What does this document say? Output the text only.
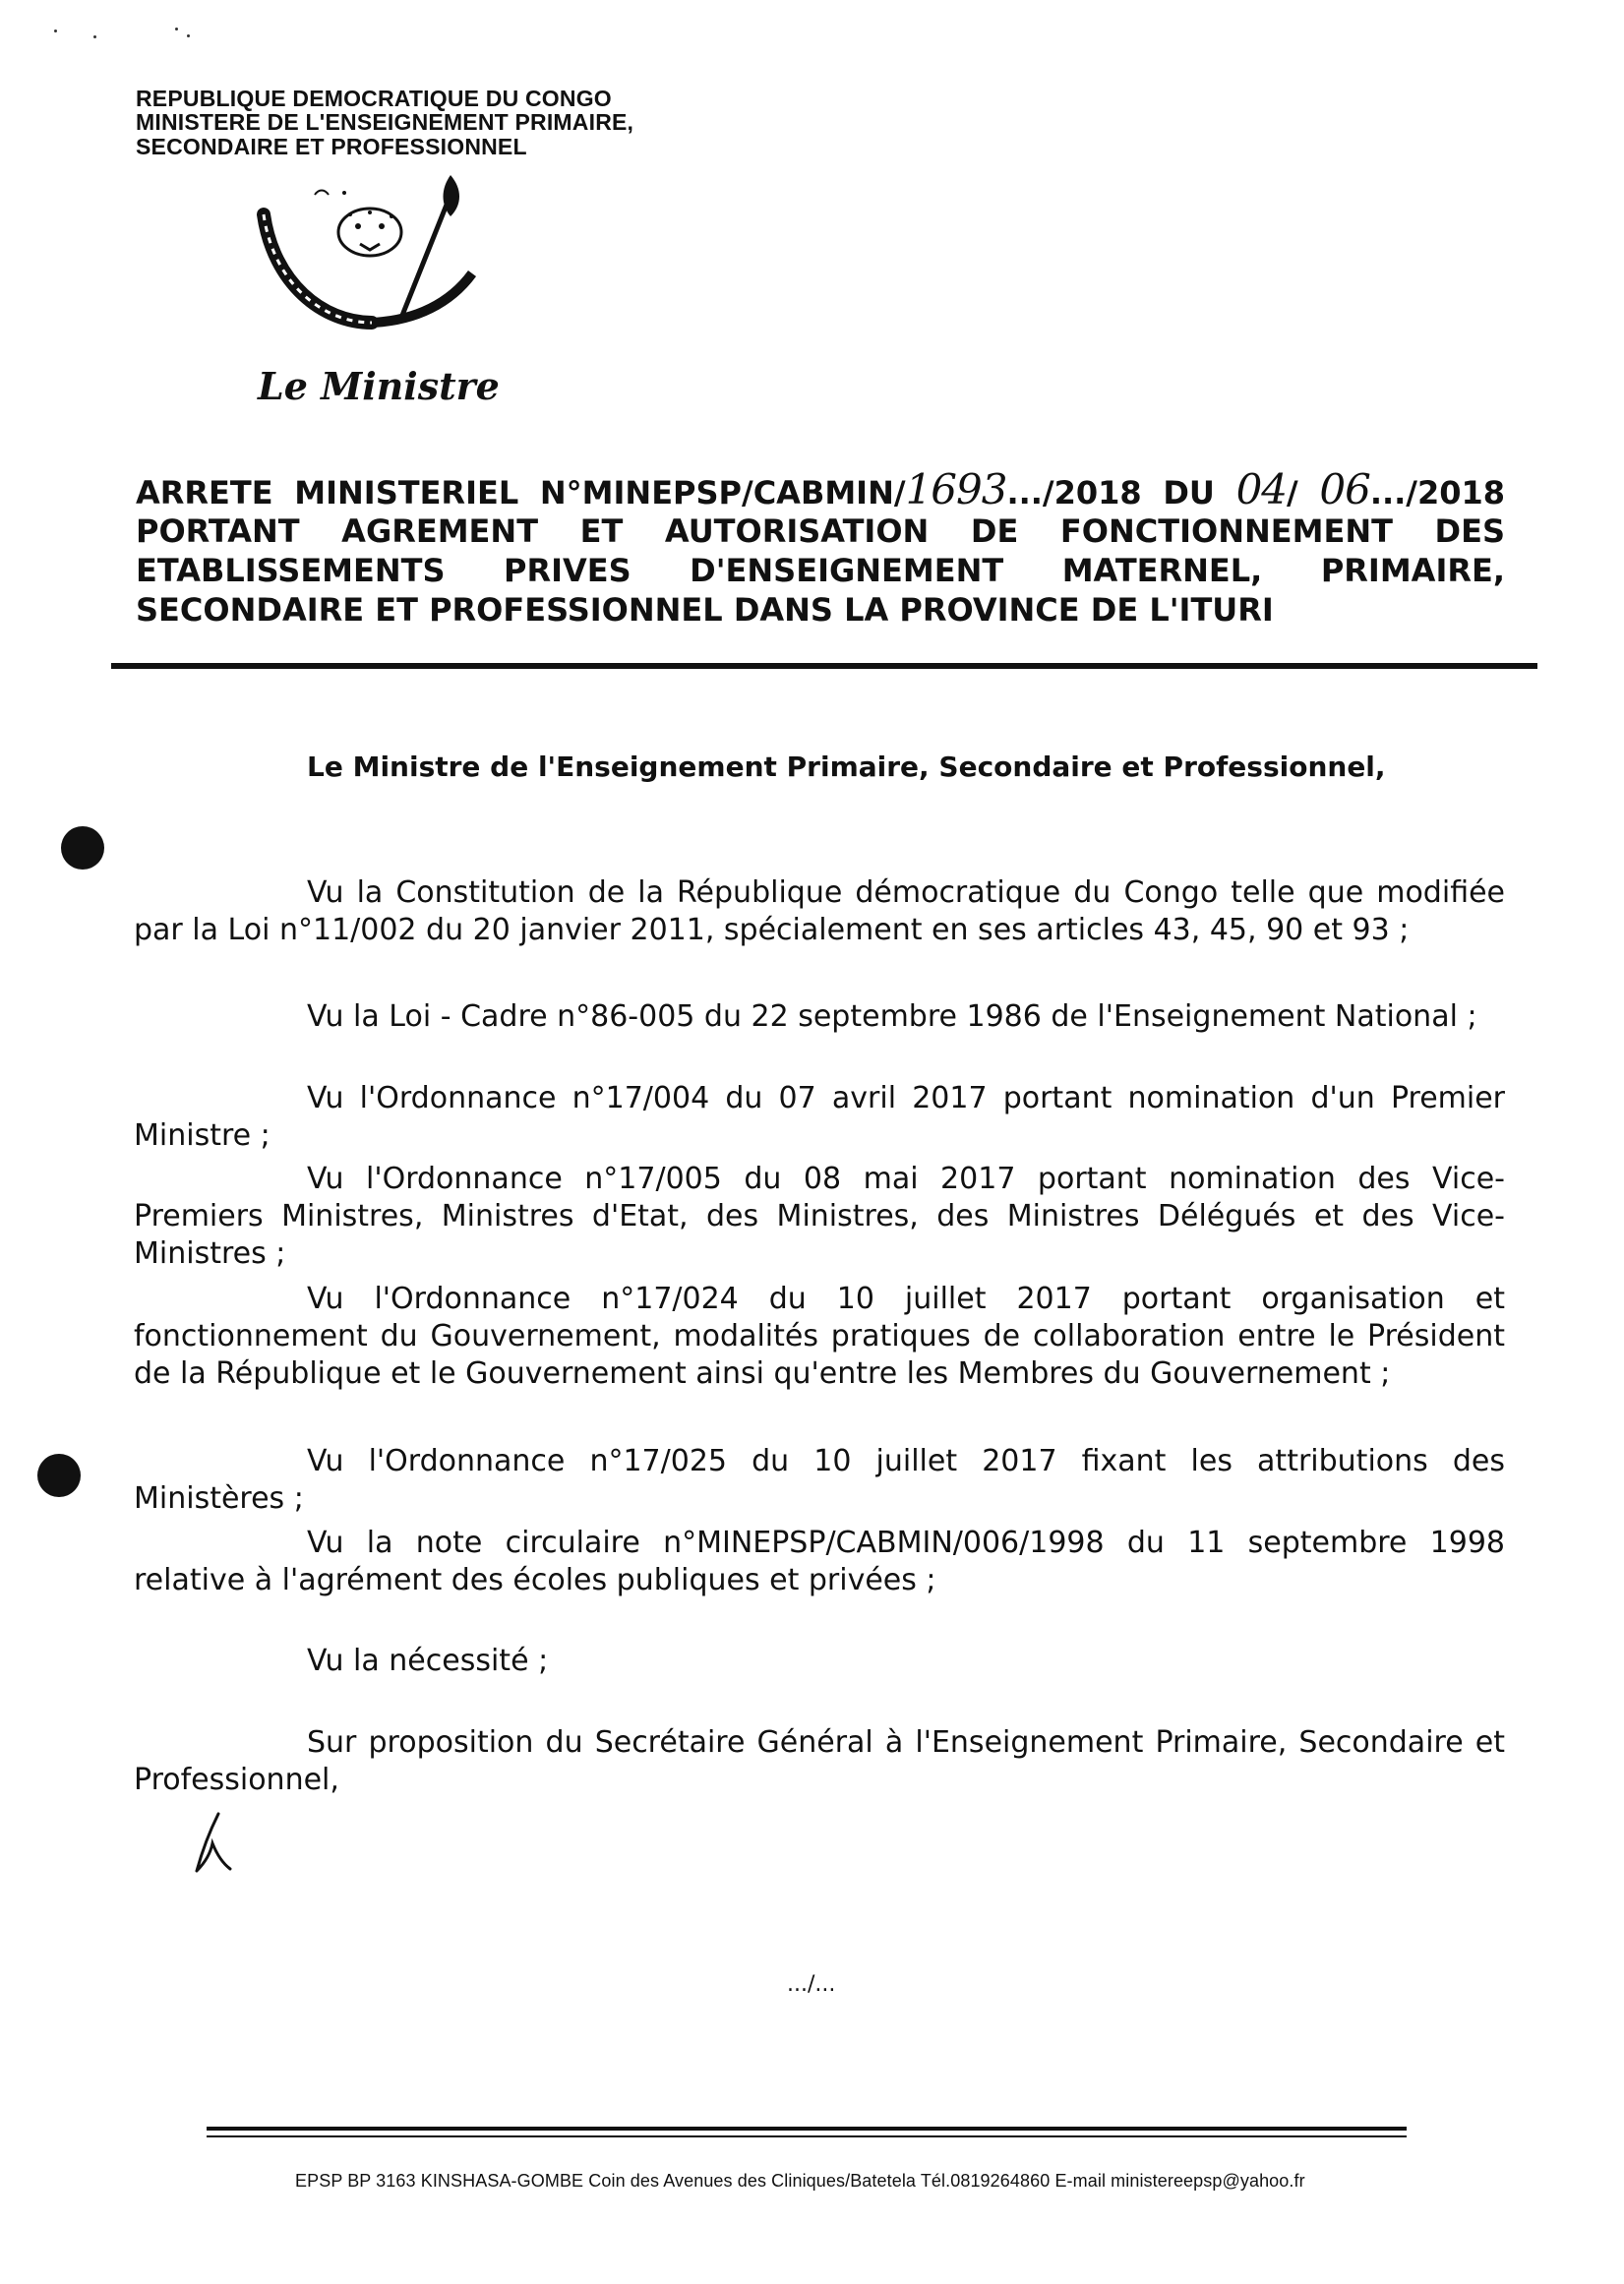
REPUBLIQUE DEMOCRATIQUE DU CONGO
MINISTERE DE L'ENSEIGNEMENT PRIMAIRE,
SECONDAIRE ET PROFESSIONNEL
Le Ministre
ARRETE MINISTERIEL N°MINEPSP/CABMIN/1693.../2018 DU 04/ 06.../2018
PORTANT AGREMENT ET AUTORISATION DE FONCTIONNEMENT DES
ETABLISSEMENTS PRIVES D'ENSEIGNEMENT MATERNEL, PRIMAIRE,
SECONDAIRE ET PROFESSIONNEL DANS LA PROVINCE DE L'ITURI
Le Ministre de l'Enseignement Primaire, Secondaire et Professionnel,

Vu la Constitution de la République démocratique du Congo telle que modifiée par la Loi n°11/002 du 20 janvier 2011, spécialement en ses articles 43, 45, 90 et 93 ;

Vu la Loi - Cadre n°86-005 du 22 septembre 1986 de l'Enseignement National ;

Vu l'Ordonnance n°17/004 du 07 avril 2017 portant nomination d'un Premier Ministre ;

Vu l'Ordonnance n°17/005 du 08 mai 2017 portant nomination des Vice-Premiers Ministres, Ministres d'Etat, des Ministres, des Ministres Délégués et des Vice-Ministres ;

Vu l'Ordonnance n°17/024 du 10 juillet 2017 portant organisation et fonctionnement du Gouvernement, modalités pratiques de collaboration entre le Président de la République et le Gouvernement ainsi qu'entre les Membres du Gouvernement ;

Vu l'Ordonnance n°17/025 du 10 juillet 2017 fixant les attributions des Ministères ;

Vu la note circulaire n°MINEPSP/CABMIN/006/1998 du 11 septembre 1998 relative à l'agrément des écoles publiques et privées ;

Vu la nécessité ;

Sur proposition du Secrétaire Général à l'Enseignement Primaire, Secondaire et Professionnel,

.../...
EPSP BP 3163 KINSHASA-GOMBE Coin des Avenues des Cliniques/Batetela Tél.0819264860 E-mail ministereepsp@yahoo.fr
